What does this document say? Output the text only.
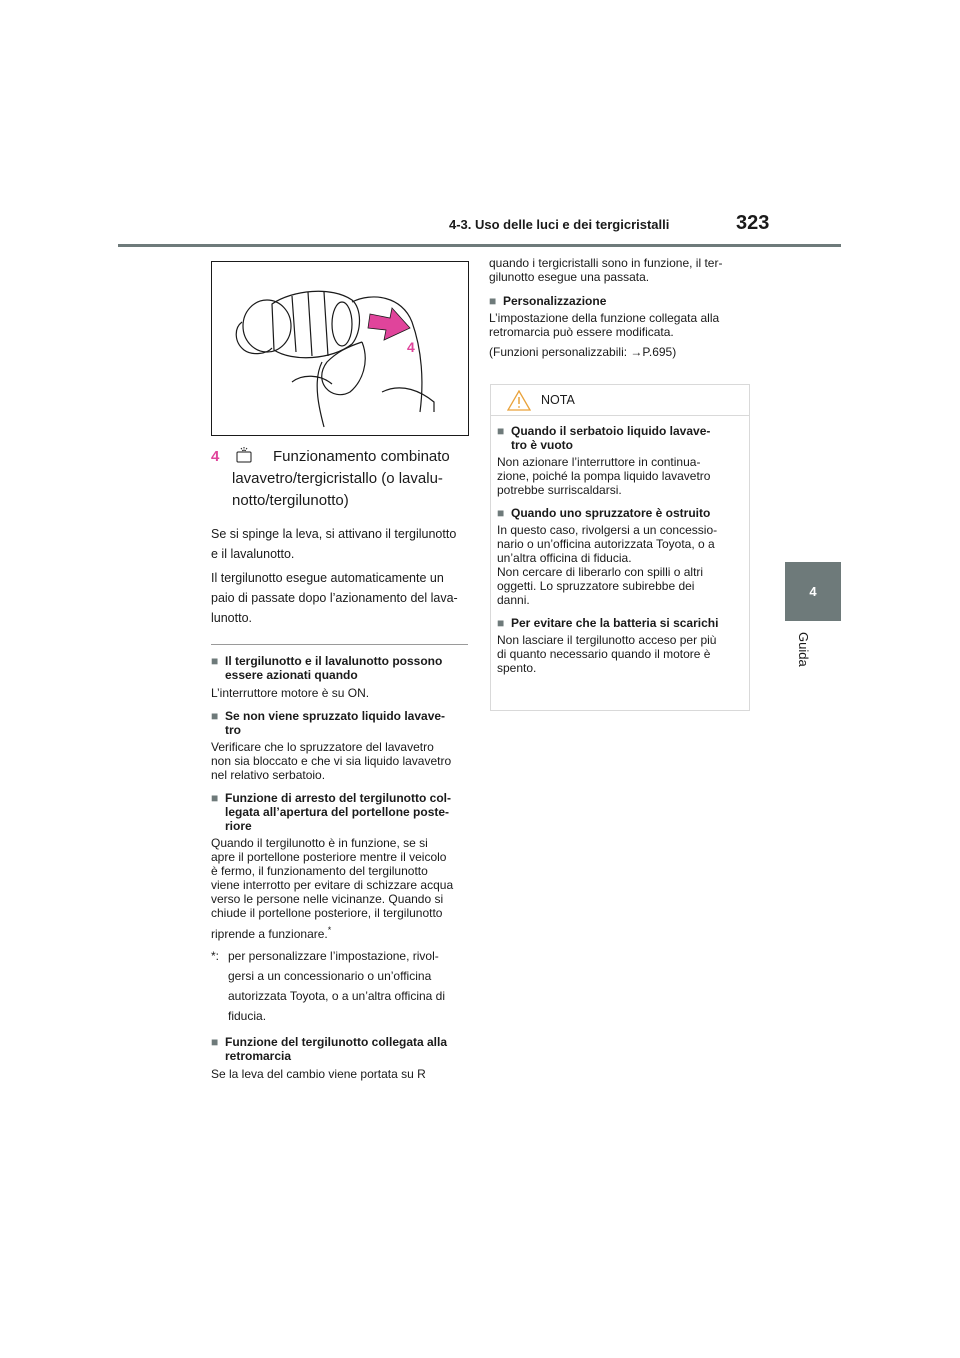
4-3. Uso delle luci e dei tergicristalli	323
4
Guida
4
4	Funzionamento combinato
lavavetro/tergicristallo (o lavalu-
notto/tergilunotto)
Se si spinge la leva, si attivano il tergilunotto
e il lavalunotto.
Il tergilunotto esegue automaticamente un
paio di passate dopo l’azionamento del lava-
lunotto.
■ Il tergilunotto e il lavalunotto possono
essere azionati quando
L’interruttore motore è su ON.
■ Se non viene spruzzato liquido lavave-
tro
Verificare che lo spruzzatore del lavavetro
non sia bloccato e che vi sia liquido lavavetro
nel relativo serbatoio.
■ Funzione di arresto del tergilunotto col-
legata all’apertura del portellone poste-
riore
Quando il tergilunotto è in funzione, se si
apre il portellone posteriore mentre il veicolo
è fermo, il funzionamento del tergilunotto
viene interrotto per evitare di schizzare acqua
verso le persone nelle vicinanze. Quando si
chiude il portellone posteriore, il tergilunotto
riprende a funzionare.*
*: per personalizzare l’impostazione, rivol-
gersi a un concessionario o un’officina
autorizzata Toyota, o a un’altra officina di
fiducia.
■ Funzione del tergilunotto collegata alla
retromarcia
Se la leva del cambio viene portata su R
quando i tergicristalli sono in funzione, il ter-
gilunotto esegue una passata.
■ Personalizzazione
L’impostazione della funzione collegata alla
retromarcia può essere modificata.
(Funzioni personalizzabili: →P.695)
NOTA
■ Quando il serbatoio liquido lavave-
tro è vuoto
Non azionare l’interruttore in continua-
zione, poiché la pompa liquido lavavetro
potrebbe surriscaldarsi.
■ Quando uno spruzzatore è ostruito
In questo caso, rivolgersi a un concessio-
nario o un’officina autorizzata Toyota, o a
un’altra officina di fiducia.
Non cercare di liberarlo con spilli o altri
oggetti. Lo spruzzatore subirebbe dei
danni.
■ Per evitare che la batteria si scarichi
Non lasciare il tergilunotto acceso per più
di quanto necessario quando il motore è
spento.
